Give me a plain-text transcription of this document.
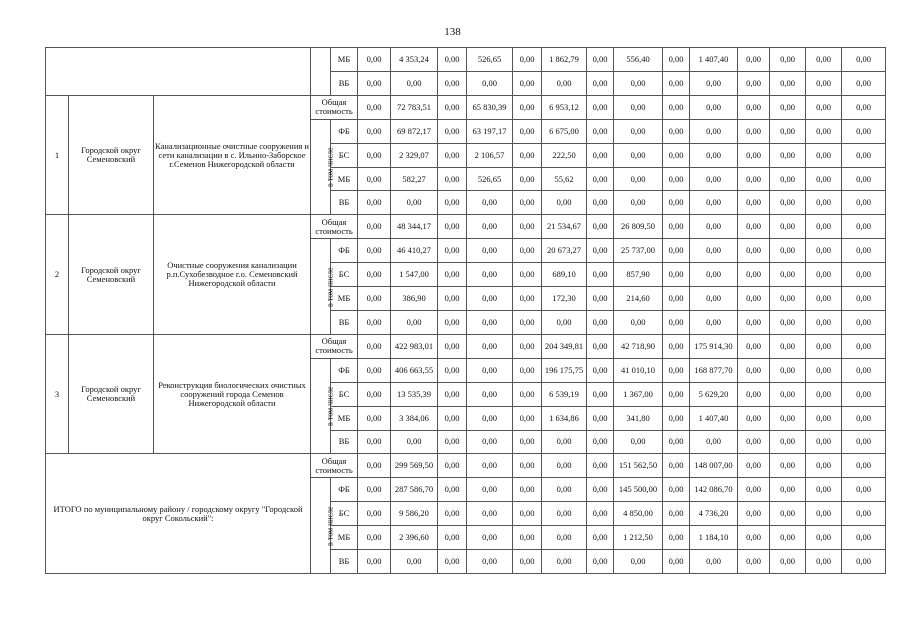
138
				МБ	0,00	4 353,24	0,00	526,65	0,00	1 862,79	0,00	556,40	0,00	1 407,40	0,00	0,00	0,00	0,00
				ВБ	0,00	0,00	0,00	0,00	0,00	0,00	0,00	0,00	0,00	0,00	0,00	0,00	0,00	0,00
1	Городской округ Семеновский	Канализационные очистные сооружения и сети канализации в с. Ильино-Заборское г.Семенов Нижегородской области	Общая стоимость		0,00	72 783,51	0,00	65 830,39	0,00	6 953,12	0,00	0,00	0,00	0,00	0,00	0,00	0,00	0,00
			в том числе	ФБ	0,00	69 872,17	0,00	63 197,17	0,00	6 675,00	0,00	0,00	0,00	0,00	0,00	0,00	0,00	0,00
				БС	0,00	2 329,07	0,00	2 106,57	0,00	222,50	0,00	0,00	0,00	0,00	0,00	0,00	0,00	0,00
				МБ	0,00	582,27	0,00	526,65	0,00	55,62	0,00	0,00	0,00	0,00	0,00	0,00	0,00	0,00
				ВБ	0,00	0,00	0,00	0,00	0,00	0,00	0,00	0,00	0,00	0,00	0,00	0,00	0,00	0,00
2	Городской округ Семеновский	Очистные сооружения канализации р.п.Сухобезводное г.о. Семеновский Нижегородской области	Общая стоимость		0,00	48 344,17	0,00	0,00	0,00	21 534,67	0,00	26 809,50	0,00	0,00	0,00	0,00	0,00	0,00
			в том числе	ФБ	0,00	46 410,27	0,00	0,00	0,00	20 673,27	0,00	25 737,00	0,00	0,00	0,00	0,00	0,00	0,00
				БС	0,00	1 547,00	0,00	0,00	0,00	689,10	0,00	857,90	0,00	0,00	0,00	0,00	0,00	0,00
				МБ	0,00	386,90	0,00	0,00	0,00	172,30	0,00	214,60	0,00	0,00	0,00	0,00	0,00	0,00
				ВБ	0,00	0,00	0,00	0,00	0,00	0,00	0,00	0,00	0,00	0,00	0,00	0,00	0,00	0,00
3	Городской округ Семеновский	Реконструкция биологических очистных сооружений города Семенов Нижегородской области	Общая стоимость		0,00	422 983,01	0,00	0,00	0,00	204 349,81	0,00	42 718,90	0,00	175 914,30	0,00	0,00	0,00	0,00
			в том числе	ФБ	0,00	406 663,55	0,00	0,00	0,00	196 175,75	0,00	41 010,10	0,00	168 877,70	0,00	0,00	0,00	0,00
				БС	0,00	13 535,39	0,00	0,00	0,00	6 539,19	0,00	1 367,00	0,00	5 629,20	0,00	0,00	0,00	0,00
				МБ	0,00	3 384,06	0,00	0,00	0,00	1 634,86	0,00	341,80	0,00	1 407,40	0,00	0,00	0,00	0,00
				ВБ	0,00	0,00	0,00	0,00	0,00	0,00	0,00	0,00	0,00	0,00	0,00	0,00	0,00	0,00
ИТОГО по муниципальному району / городскому округу "Городской округ Сокольский":			Общая стоимость		0,00	299 569,50	0,00	0,00	0,00	0,00	0,00	151 562,50	0,00	148 007,00	0,00	0,00	0,00	0,00
			в том числе	ФБ	0,00	287 586,70	0,00	0,00	0,00	0,00	0,00	145 500,00	0,00	142 086,70	0,00	0,00	0,00	0,00
				БС	0,00	9 586,20	0,00	0,00	0,00	0,00	0,00	4 850,00	0,00	4 736,20	0,00	0,00	0,00	0,00
				МБ	0,00	2 396,60	0,00	0,00	0,00	0,00	0,00	1 212,50	0,00	1 184,10	0,00	0,00	0,00	0,00
				ВБ	0,00	0,00	0,00	0,00	0,00	0,00	0,00	0,00	0,00	0,00	0,00	0,00	0,00	0,00
